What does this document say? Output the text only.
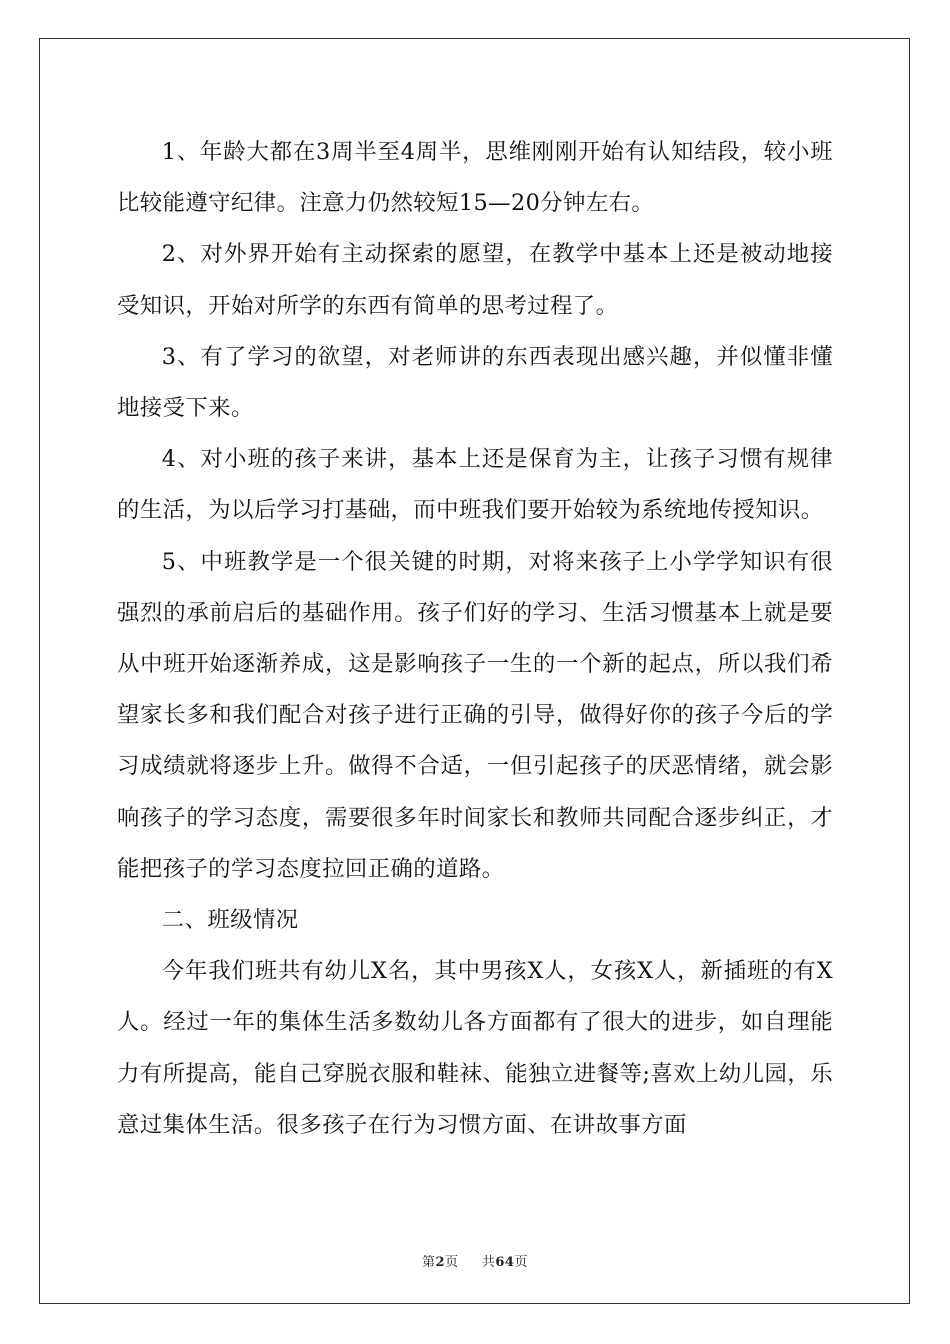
1、年龄大都在3周半至4周半，思维刚刚开始有认知结段，较小班比较能遵守纪律。注意力仍然较短15—20分钟左右。

2、对外界开始有主动探索的愿望，在教学中基本上还是被动地接受知识，开始对所学的东西有简单的思考过程了。

3、有了学习的欲望，对老师讲的东西表现出感兴趣，并似懂非懂地接受下来。

4、对小班的孩子来讲，基本上还是保育为主，让孩子习惯有规律的生活，为以后学习打基础，而中班我们要开始较为系统地传授知识。

5、中班教学是一个很关键的时期，对将来孩子上小学学知识有很强烈的承前启后的基础作用。孩子们好的学习、生活习惯基本上就是要从中班开始逐渐养成，这是影响孩子一生的一个新的起点，所以我们希望家长多和我们配合对孩子进行正确的引导，做得好你的孩子今后的学习成绩就将逐步上升。做得不合适，一但引起孩子的厌恶情绪，就会影响孩子的学习态度，需要很多年时间家长和教师共同配合逐步纠正，才能把孩子的学习态度拉回正确的道路。

二、班级情况

今年我们班共有幼儿X名，其中男孩X人，女孩X人，新插班的有X人。经过一年的集体生活多数幼儿各方面都有了很大的进步，如自理能力有所提高，能自己穿脱衣服和鞋袜、能独立进餐等;喜欢上幼儿园，乐意过集体生活。很多孩子在行为习惯方面、在讲故事方面

第2页 共64页
